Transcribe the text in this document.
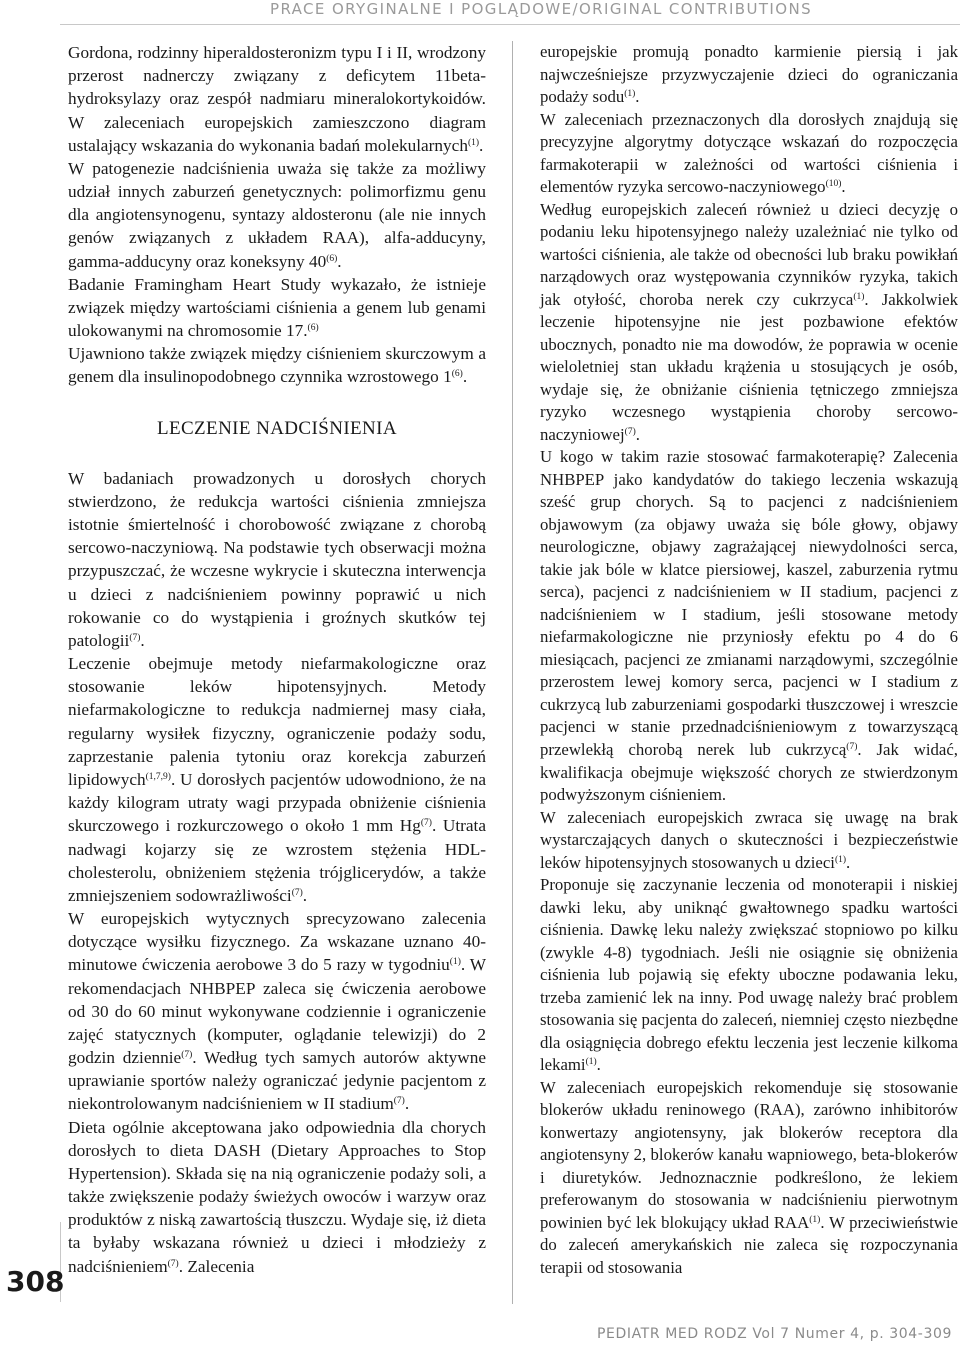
PRACE ORYGINALNE I POGLĄDOWE/ORIGINAL CONTRIBUTIONS

Gordona, rodzinny hiperaldosteronizm typu I i II, wrodzony przerost nadnerczy związany z deficytem 11beta-hydroksylazy oraz zespół nadmiaru mineralokortykoidów. W zaleceniach europejskich zamieszczono diagram ustalający wskazania do wykonania badań molekularnych$^{(1)}$.

W patogenezie nadciśnienia uważa się także za możliwy udział innych zaburzeń genetycznych: polimorfizmu genu dla angiotensynogenu, syntazy aldosteronu (ale nie innych genów związanych z układem RAA), alfa-adducyny, gamma-adducyny oraz koneksyny 40$^{(6)}$.

Badanie Framingham Heart Study wykazało, że istnieje związek między wartościami ciśnienia a genem lub genami ulokowanymi na chromosomie 17.$^{(6)}$

Ujawniono także związek między ciśnieniem skurczowym a genem dla insulinopodobnego czynnika wzrostowego 1$^{(6)}$.

LECZENIE NADCIŚNIENIA

W badaniach prowadzonych u dorosłych chorych stwierdzono, że redukcja wartości ciśnienia zmniejsza istotnie śmiertelność i chorobowość związane z chorobą sercowo-naczyniową. Na podstawie tych obserwacji można przypuszczać, że wczesne wykrycie i skuteczna interwencja u dzieci z nadciśnieniem powinny poprawić u nich rokowanie co do wystąpienia i groźnych skutków tej patologii$^{(7)}$.

Leczenie obejmuje metody niefarmakologiczne oraz stosowanie leków hipotensyjnych. Metody niefarmakologiczne to redukcja nadmiernej masy ciała, regularny wysiłek fizyczny, ograniczenie podaży sodu, zaprzestanie palenia tytoniu oraz korekcja zaburzeń lipidowych$^{(1,7,9)}$. U dorosłych pacjentów udowodniono, że na każdy kilogram utraty wagi przypada obniżenie ciśnienia skurczowego i rozkurczowego o około 1 mm Hg$^{(7)}$. Utrata nadwagi kojarzy się ze wzrostem stężenia HDL-cholesterolu, obniżeniem stężenia trójglicerydów, a także zmniejszeniem sodowrażliwości$^{(7)}$.

W europejskich wytycznych sprecyzowano zalecenia dotyczące wysiłku fizycznego. Za wskazane uznano 40-minutowe ćwiczenia aerobowe 3 do 5 razy w tygodniu$^{(1)}$. W rekomendacjach NHBPEP zaleca się ćwiczenia aerobowe od 30 do 60 minut wykonywane codziennie i ograniczenie zajęć statycznych (komputer, oglądanie telewizji) do 2 godzin dziennie$^{(7)}$. Według tych samych autorów aktywne uprawianie sportów należy ograniczać jedynie pacjentom z niekontrolowanym nadciśnieniem w II stadium$^{(7)}$.

Dieta ogólnie akceptowana jako odpowiednia dla chorych dorosłych to dieta DASH (Dietary Approaches to Stop Hypertension). Składa się na nią ograniczenie podaży soli, a także zwiększenie podaży świeżych owoców i warzyw oraz produktów z niską zawartością tłuszczu. Wydaje się, iż dieta ta byłaby wskazana również u dzieci i młodzieży z nadciśnieniem$^{(7)}$. Zalecenia

europejskie promują ponadto karmienie piersią i jak najwcześniejsze przyzwyczajenie dzieci do ograniczania podaży sodu$^{(1)}$.

W zaleceniach przeznaczonych dla dorosłych znajdują się precyzyjne algorytmy dotyczące wskazań do rozpoczęcia farmakoterapii w zależności od wartości ciśnienia i elementów ryzyka sercowo-naczyniowego$^{(10)}$.

Według europejskich zaleceń również u dzieci decyzję o podaniu leku hipotensyjnego należy uzależniać nie tylko od wartości ciśnienia, ale także od obecności lub braku powikłań narządowych oraz występowania czynników ryzyka, takich jak otyłość, choroba nerek czy cukrzyca$^{(1)}$. Jakkolwiek leczenie hipotensyjne nie jest pozbawione efektów ubocznych, ponadto nie ma dowodów, że poprawia w ocenie wieloletniej stan układu krążenia u stosujących je osób, wydaje się, że obniżanie ciśnienia tętniczego zmniejsza ryzyko wczesnego wystąpienia choroby sercowo-naczyniowej$^{(7)}$.

U kogo w takim razie stosować farmakoterapię? Zalecenia NHBPEP jako kandydatów do takiego leczenia wskazują sześć grup chorych. Są to pacjenci z nadciśnieniem objawowym (za objawy uważa się bóle głowy, objawy neurologiczne, objawy zagrażającej niewydolności serca, takie jak bóle w klatce piersiowej, kaszel, zaburzenia rytmu serca), pacjenci z nadciśnieniem w II stadium, pacjenci z nadciśnieniem w I stadium, jeśli stosowane metody niefarmakologiczne nie przyniosły efektu po 4 do 6 miesiącach, pacjenci ze zmianami narządowymi, szczególnie przerostem lewej komory serca, pacjenci w I stadium z cukrzycą lub zaburzeniami gospodarki tłuszczowej i wreszcie pacjenci w stanie przednadciśnieniowym z towarzyszącą przewlekłą chorobą nerek lub cukrzycą$^{(7)}$. Jak widać, kwalifikacja obejmuje większość chorych ze stwierdzonym podwyższonym ciśnieniem.

W zaleceniach europejskich zwraca się uwagę na brak wystarczających danych o skuteczności i bezpieczeństwie leków hipotensyjnych stosowanych u dzieci$^{(1)}$.

Proponuje się zaczynanie leczenia od monoterapii i niskiej dawki leku, aby uniknąć gwałtownego spadku wartości ciśnienia. Dawkę leku należy zwiększać stopniowo po kilku (zwykle 4-8) tygodniach. Jeśli nie osiągnie się obniżenia ciśnienia lub pojawią się efekty uboczne podawania leku, trzeba zamienić lek na inny. Pod uwagę należy brać problem stosowania się pacjenta do zaleceń, niemniej często niezbędne dla osiągnięcia dobrego efektu leczenia jest leczenie kilkoma lekami$^{(1)}$.

W zaleceniach europejskich rekomenduje się stosowanie blokerów układu reninowego (RAA), zarówno inhibitorów konwertazy angiotensyny, jak blokerów receptora dla angiotensyny 2, blokerów kanału wapniowego, beta-blokerów i diuretyków. Jednoznacznie podkreślono, że lekiem preferowanym do stosowania w nadciśnieniu pierwotnym powinien być lek blokujący układ RAA$^{(1)}$. W przeciwieństwie do zaleceń amerykańskich nie zaleca się rozpoczynania terapii od stosowania

308
PEDIATR MED RODZ Vol 7 Numer 4, p. 304-309
